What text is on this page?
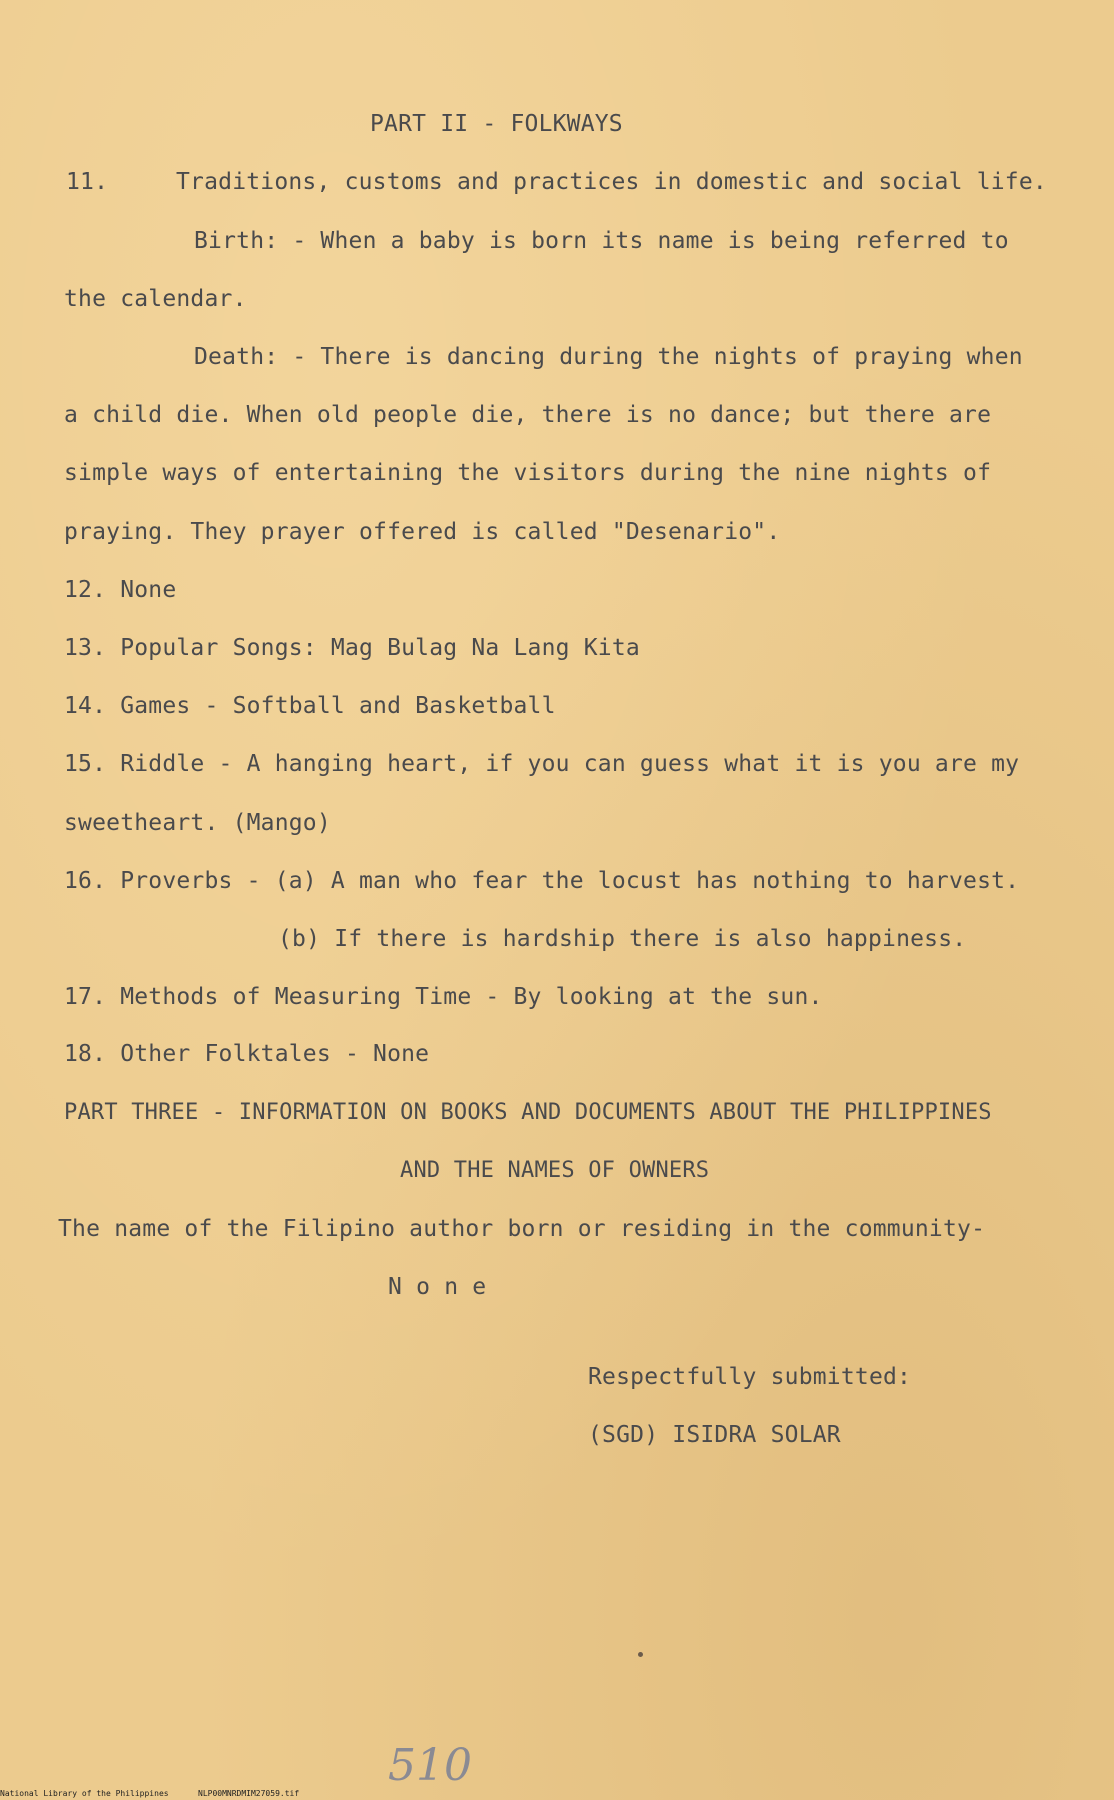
PART II - FOLKWAYS
11.	Traditions, customs and practices in domestic and social life.
Birth: - When a baby is born its name is being referred to
the calendar.
Death: - There is dancing during the nights of praying when
a child die. When old people die, there is no dance; but there are
simple ways of entertaining the visitors during the nine nights of
praying. They prayer offered is called "Desenario".
12. None
13. Popular Songs: Mag Bulag Na Lang Kita
14. Games - Softball and Basketball
15. Riddle - A hanging heart, if you can guess what it is you are my
sweetheart. (Mango)
16. Proverbs - (a) A man who fear the locust has nothing to harvest.
(b) If there is hardship there is also happiness.
17. Methods of Measuring Time - By looking at the sun.
18. Other Folktales - None
PART THREE - INFORMATION ON BOOKS AND DOCUMENTS ABOUT THE PHILIPPINES
AND THE NAMES OF OWNERS
The name of the Filipino author born or residing in the community-
N o n e
Respectfully submitted:
(SGD) ISIDRA SOLAR
National Library of the Philippines	NLP00MNRDMIM27059.tif
510
